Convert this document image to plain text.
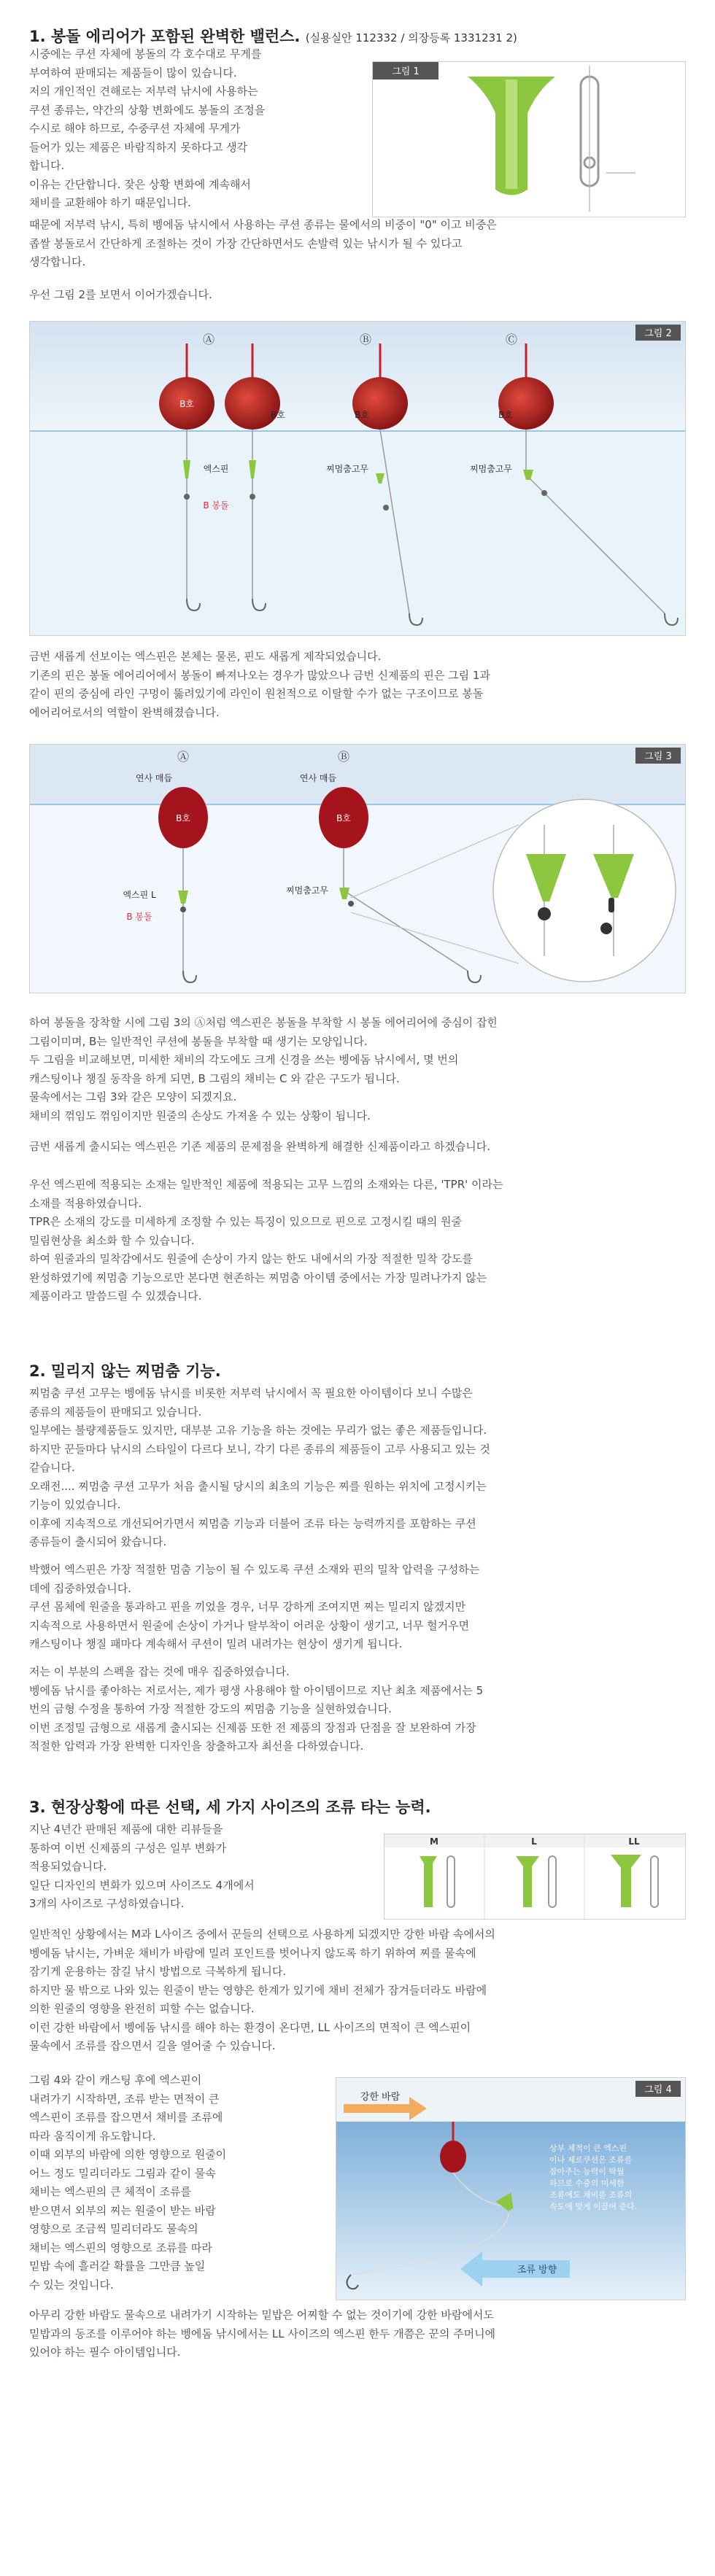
1. 봉돌 에리어가 포함된 완벽한 밸런스. (실용실안 112332 / 의장등록 1331231 2)
시중에는 쿠션 자체에 봉돌의 각 호수대로 무게를
부여하여 판매되는 제품들이 많이 있습니다.
저의 개인적인 견해로는 저부력 낚시에 사용하는
쿠션 종류는, 약간의 상황 변화에도 봉돌의 조정을
수시로 해야 하므로, 수중쿠션 자체에 무게가
들어가 있는 제품은 바람직하지 못하다고 생각
합니다.
이유는 간단합니다. 잦은 상황 변화에 계속해서
채비를 교환해야 하기 때문입니다.
그림 1
때문에 저부력 낚시, 특히 벵에돔 낚시에서 사용하는 쿠션 종류는 물에서의 비중이 "0" 이고 비중은
좁쌀 봉돌로서 간단하게 조절하는 것이 가장 간단하면서도 손발력 있는 낚시가 될 수 있다고
생각합니다.

우선 그림 2를 보면서 이어가겠습니다.

그림 2
Ⓐ	Ⓑ	Ⓒ
B호
B호	B호	B호
엑스핀	찌멈춤고무	찌멈춤고무
B 봉돌
금번 새롭게 선보이는 엑스핀은 본체는 물론, 핀도 새롭게 제작되었습니다.
기존의 핀은 봉돌 에어리어에서 봉돌이 빠져나오는 경우가 많았으나 금번 신제품의 핀은 그림 1과
같이 핀의 중심에 라인 구멍이 뚫려있기에 라인이 원천적으로 이탈할 수가 없는 구조이므로 봉돌
에어리어로서의 역할이 완벽해졌습니다.
그림 3
Ⓐ	Ⓑ
연사 매듭	연사 매듭
B호	B호
엑스핀 L	찌멈춤고무
B 봉돌
하여 봉돌을 장착할 시에 그림 3의 Ⓐ처럼 엑스핀은 봉돌을 부착할 시 봉돌 에어리어에 중심이 잡힌
그림이미며, B는 일반적인 쿠션에 봉돌을 부착할 때 생기는 모양입니다.
두 그림을 비교해보면, 미세한 채비의 각도에도 크게 신경을 쓰는 벵에돔 낚시에서, 몇 번의
캐스팅이나 챙질 동작을 하게 되면, B 그림의 채비는 C 와 같은 구도가 됩니다.
물속에서는 그림 3와 같은 모양이 되겠지요.
채비의 꺾임도 꺾임이지만 원줄의 손상도 가져올 수 있는 상황이 됩니다.

금번 새롭게 출시되는 엑스핀은 기존 제품의 문제점을 완벽하게 해결한 신제품이라고 하겠습니다.

우선 엑스핀에 적용되는 소재는 일반적인 제품에 적용되는 고무 느낌의 소재와는 다른, 'TPR' 이라는
소재를 적용하였습니다.
TPR은 소재의 강도를 미세하게 조정할 수 있는 특징이 있으므로 핀으로 고정시킬 때의 원줄
밀림현상을 최소화 할 수 있습니다.
하여 원줄과의 밀착감에서도 원줄에 손상이 가지 않는 한도 내에서의 가장 적절한 밀착 강도를
완성하였기에 찌멈춤 기능으로만 본다면 현존하는 찌멈춤 아이템 중에서는 가장 밀려나가지 않는
제품이라고 말씀드릴 수 있겠습니다.
2. 밀리지 않는 찌멈춤 기능.
찌멈춤 쿠션 고무는 벵에돔 낚시를 비롯한 저부력 낚시에서 꼭 필요한 아이템이다 보니 수많은
종류의 제품들이 판매되고 있습니다.
일부에는 불량제품들도 있지만, 대부분 고유 기능을 하는 것에는 무리가 없는 좋은 제품들입니다.
하지만 꾼들마다 낚시의 스타일이 다르다 보니, 각기 다른 종류의 제품들이 고루 사용되고 있는 것
같습니다.
오래전.... 찌멈춤 쿠션 고무가 처음 출시될 당시의 최초의 기능은 찌를 원하는 위치에 고정시키는
기능이 있었습니다.
이후에 지속적으로 개선되어가면서 찌멈춤 기능과 더불어 조류 타는 능력까지를 포함하는 쿠션
종류들이 출시되어 왔습니다.
박했어 엑스핀은 가장 적절한 멈춤 기능이 될 수 있도록 쿠션 소재와 핀의 밀착 압력을 구성하는
데에 집중하였습니다.
쿠션 몸체에 원줄을 통과하고 핀을 끼었을 경우, 너무 강하게 조여지면 찌는 밀리지 않겠지만
지속적으로 사용하면서 원줄에 손상이 가거나 탈부착이 어려운 상황이 생기고, 너무 헐거우면
캐스팅이나 챙질 패마다 계속해서 쿠션이 밀려 내려가는 현상이 생기게 됩니다.
저는 이 부분의 스펙을 잡는 것에 매우 집중하였습니다.
벵에돔 낚시를 좋아하는 저로서는, 제가 평생 사용해야 할 아이템이므로 지난 최초 제품에서는 5
번의 금형 수정을 통하여 가장 적절한 강도의 찌멈춤 기능을 실현하였습니다.
이번 조정밀 금형으로 새롭게 출시되는 신제품 또한 전 제품의 장점과 단점을 잘 보완하여 가장
적절한 압력과 가장 완벽한 디자인을 창출하고자 최선을 다하였습니다.
3. 현장상황에 따른 선택, 세 가지 사이즈의 조류 타는 능력.
지난 4년간 판매된 제품에 대한 리뷰들을
통하여 이번 신제품의 구성은 일부 변화가
적용되었습니다.
일단 디자인의 변화가 있으며 사이즈도 4개에서
3개의 사이즈로 구성하였습니다.
M	L	LL
일반적인 상황에서는 M과 L사이즈 중에서 꾼들의 선택으로 사용하게 되겠지만 강한 바람 속에서의
벵에돔 낚시는, 가벼운 채비가 바람에 밀려 포인트를 벗어나지 않도록 하기 위하여 찌를 물속에
잠기게 운용하는 잠길 낚시 방법으로 극복하게 됩니다.
하지만 물 밖으로 나와 있는 원줄이 받는 영향은 한계가 있기에 채비 전체가 잠겨들더라도 바람에
의한 원줄의 영향을 완전히 피할 수는 없습니다.
이런 강한 바람에서 벵에돔 낚시를 해야 하는 환경이 온다면, LL 사이즈의 면적이 큰 엑스핀이
물속에서 조류를 잡으면서 길을 열어줄 수 있습니다.
그림 4와 같이 캐스팅 후에 엑스핀이
내려가기 시작하면, 조류 받는 면적이 큰
엑스핀이 조류를 잡으면서 채비를 조류에
따라 움직이게 유도합니다.
이때 외부의 바람에 의한 영향으로 원줄이
어느 정도 밀리더라도 그림과 같이 물속
채비는 엑스핀의 큰 체적이 조류를
받으면서 외부의 찌는 원줄이 받는 바람
영향으로 조금씩 밀리더라도 물속의
채비는 엑스핀의 영향으로 조류를 따라
밑밥 속에 흘러갈 확률을 그만큼 높일
수 있는 것입니다.
그림 4
강한 바람
조류 방향
상부 체적이 큰 엑스핀
이나 제로쿠션은 조류를
잡아주는 능력이 탁월
하므로 수중의 미세한
조류에도 채비를 조류의
속도에 맞게 이끌어 준다.
아무리 강한 바람도 물속으로 내려가기 시작하는 밑밥은 어찌할 수 없는 것이기에 강한 바람에서도
밑밥과의 동조를 이루어야 하는 벵에돔 낚시에서는 LL 사이즈의 엑스핀 한두 개쯤은 꾼의 주머니에
있어야 하는 필수 아이템입니다.
